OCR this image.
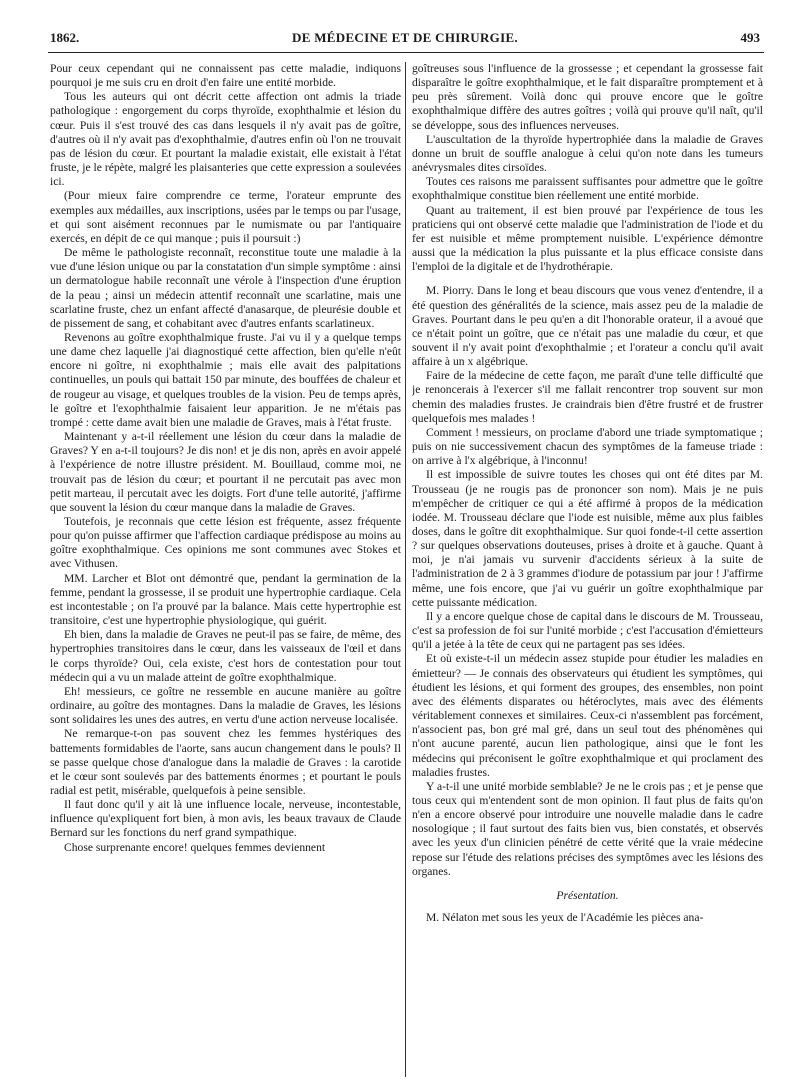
1862.	DE MÉDECINE ET DE CHIRURGIE.	493

Pour ceux cependant qui ne connaissent pas cette maladie, indiquons pourquoi je me suis cru en droit d'en faire une entité morbide.

Tous les auteurs qui ont décrit cette affection ont admis la triade pathologique : engorgement du corps thyroïde, exophthalmie et lésion du cœur. Puis il s'est trouvé des cas dans lesquels il n'y avait pas de goître, d'autres où il n'y avait pas d'exophthalmie, d'autres enfin où l'on ne trouvait pas de lésion du cœur. Et pourtant la maladie existait, elle existait à l'état fruste, je le répète, malgré les plaisanteries que cette expression a soulevées ici.

(Pour mieux faire comprendre ce terme, l'orateur emprunte des exemples aux médailles, aux inscriptions, usées par le temps ou par l'usage, et qui sont aisément reconnues par le numismate ou par l'antiquaire exercés, en dépit de ce qui manque ; puis il poursuit :)

De même le pathologiste reconnaît, reconstitue toute une maladie à la vue d'une lésion unique ou par la constatation d'un simple symptôme : ainsi un dermatologue habile reconnaît une vérole à l'inspection d'une éruption de la peau ; ainsi un médecin attentif reconnaît une scarlatine, mais une scarlatine fruste, chez un enfant affecté d'anasarque, de pleurésie double et de pissement de sang, et cohabitant avec d'autres enfants scarlatineux.

Revenons au goître exophthalmique fruste. J'ai vu il y a quelque temps une dame chez laquelle j'ai diagnostiqué cette affection, bien qu'elle n'eût encore ni goître, ni exophthalmie ; mais elle avait des palpitations continuelles, un pouls qui battait 150 par minute, des bouffées de chaleur et de rougeur au visage, et quelques troubles de la vision. Peu de temps après, le goître et l'exophthalmie faisaient leur apparition. Je ne m'étais pas trompé : cette dame avait bien une maladie de Graves, mais à l'état fruste.

Maintenant y a-t-il réellement une lésion du cœur dans la maladie de Graves? Y en a-t-il toujours? Je dis non! et je dis non, après en avoir appelé à l'expérience de notre illustre président. M. Bouillaud, comme moi, ne trouvait pas de lésion du cœur; et pourtant il ne percutait pas avec mon petit marteau, il percutait avec les doigts. Fort d'une telle autorité, j'affirme que souvent la lésion du cœur manque dans la maladie de Graves.

Toutefois, je reconnais que cette lésion est fréquente, assez fréquente pour qu'on puisse affirmer que l'affection cardiaque prédispose au moins au goître exophthalmique. Ces opinions me sont communes avec Stokes et avec Vithusen.

MM. Larcher et Blot ont démontré que, pendant la germination de la femme, pendant la grossesse, il se produit une hypertrophie cardiaque. Cela est incontestable ; on l'a prouvé par la balance. Mais cette hypertrophie est transitoire, c'est une hypertrophie physiologique, qui guérit.

Eh bien, dans la maladie de Graves ne peut-il pas se faire, de même, des hypertrophies transitoires dans le cœur, dans les vaisseaux de l'œil et dans le corps thyroïde? Oui, cela existe, c'est hors de contestation pour tout médecin qui a vu un malade atteint de goître exophthalmique.

Eh! messieurs, ce goître ne ressemble en aucune manière au goître ordinaire, au goître des montagnes. Dans la maladie de Graves, les lésions sont solidaires les unes des autres, en vertu d'une action nerveuse localisée.

Ne remarque-t-on pas souvent chez les femmes hystériques des battements formidables de l'aorte, sans aucun changement dans le pouls? Il se passe quelque chose d'analogue dans la maladie de Graves : la carotide et le cœur sont soulevés par des battements énormes ; et pourtant le pouls radial est petit, misérable, quelquefois à peine sensible.

Il faut donc qu'il y ait là une influence locale, nerveuse, incontestable, influence qu'expliquent fort bien, à mon avis, les beaux travaux de Claude Bernard sur les fonctions du nerf grand sympathique.

Chose surprenante encore! quelques femmes deviennent

goîtreuses sous l'influence de la grossesse ; et cependant la grossesse fait disparaître le goître exophthalmique, et le fait disparaître promptement et à peu près sûrement. Voilà donc qui prouve encore que le goître exophthalmique diffère des autres goîtres ; voilà qui prouve qu'il naît, qu'il se développe, sous des influences nerveuses.

L'auscultation de la thyroïde hypertrophiée dans la maladie de Graves donne un bruit de souffle analogue à celui qu'on note dans les tumeurs anévrysmales dites cirsoïdes.

Toutes ces raisons me paraissent suffisantes pour admettre que le goître exophthalmique constitue bien réellement une entité morbide.

Quant au traitement, il est bien prouvé par l'expérience de tous les praticiens qui ont observé cette maladie que l'administration de l'iode et du fer est nuisible et même promptement nuisible. L'expérience démontre aussi que la médication la plus puissante et la plus efficace consiste dans l'emploi de la digitale et de l'hydrothérapie.

M. Piorry. Dans le long et beau discours que vous venez d'entendre, il a été question des généralités de la science, mais assez peu de la maladie de Graves. Pourtant dans le peu qu'en a dit l'honorable orateur, il a avoué que ce n'était point un goître, que ce n'était pas une maladie du cœur, et que souvent il n'y avait point d'exophthalmie ; et l'orateur a conclu qu'il avait affaire à un x algébrique.

Faire de la médecine de cette façon, me paraît d'une telle difficulté que je renoncerais à l'exercer s'il me fallait rencontrer trop souvent sur mon chemin des maladies frustes. Je craindrais bien d'être frustré et de frustrer quelquefois mes malades !

Comment ! messieurs, on proclame d'abord une triade symptomatique ; puis on nie successivement chacun des symptômes de la fameuse triade : on arrive à l'x algébrique, à l'inconnu!

Il est impossible de suivre toutes les choses qui ont été dites par M. Trousseau (je ne rougis pas de prononcer son nom). Mais je ne puis m'empêcher de critiquer ce qui a été affirmé à propos de la médication iodée. M. Trousseau déclare que l'iode est nuisible, même aux plus faibles doses, dans le goître dit exophthalmique. Sur quoi fonde-t-il cette assertion ? sur quelques observations douteuses, prises à droite et à gauche. Quant à moi, je n'ai jamais vu survenir d'accidents sérieux à la suite de l'administration de 2 à 3 grammes d'iodure de potassium par jour ! J'affirme même, une fois encore, que j'ai vu guérir un goître exophthalmique par cette puissante médication.

Il y a encore quelque chose de capital dans le discours de M. Trousseau, c'est sa profession de foi sur l'unité morbide ; c'est l'accusation d'émietteurs qu'il a jetée à la tête de ceux qui ne partagent pas ses idées.

Et où existe-t-il un médecin assez stupide pour étudier les maladies en émietteur? — Je connais des observateurs qui étudient les symptômes, qui étudient les lésions, et qui forment des groupes, des ensembles, non point avec des éléments disparates ou hétéroclytes, mais avec des éléments véritablement connexes et similaires. Ceux-ci n'assemblent pas forcément, n'associent pas, bon gré mal gré, dans un seul tout des phénomènes qui n'ont aucune parenté, aucun lien pathologique, ainsi que le font les médecins qui préconisent le goître exophthalmique et qui proclament des maladies frustes.

Y a-t-il une unité morbide semblable? Je ne le crois pas ; et je pense que tous ceux qui m'entendent sont de mon opinion. Il faut plus de faits qu'on n'en a encore observé pour introduire une nouvelle maladie dans le cadre nosologique ; il faut surtout des faits bien vus, bien constatés, et observés avec les yeux d'un clinicien pénétré de cette vérité que la vraie médecine repose sur l'étude des relations précises des symptômes avec les lésions des organes.

Présentation.

M. Nélaton met sous les yeux de l'Académie les pièces ana-
